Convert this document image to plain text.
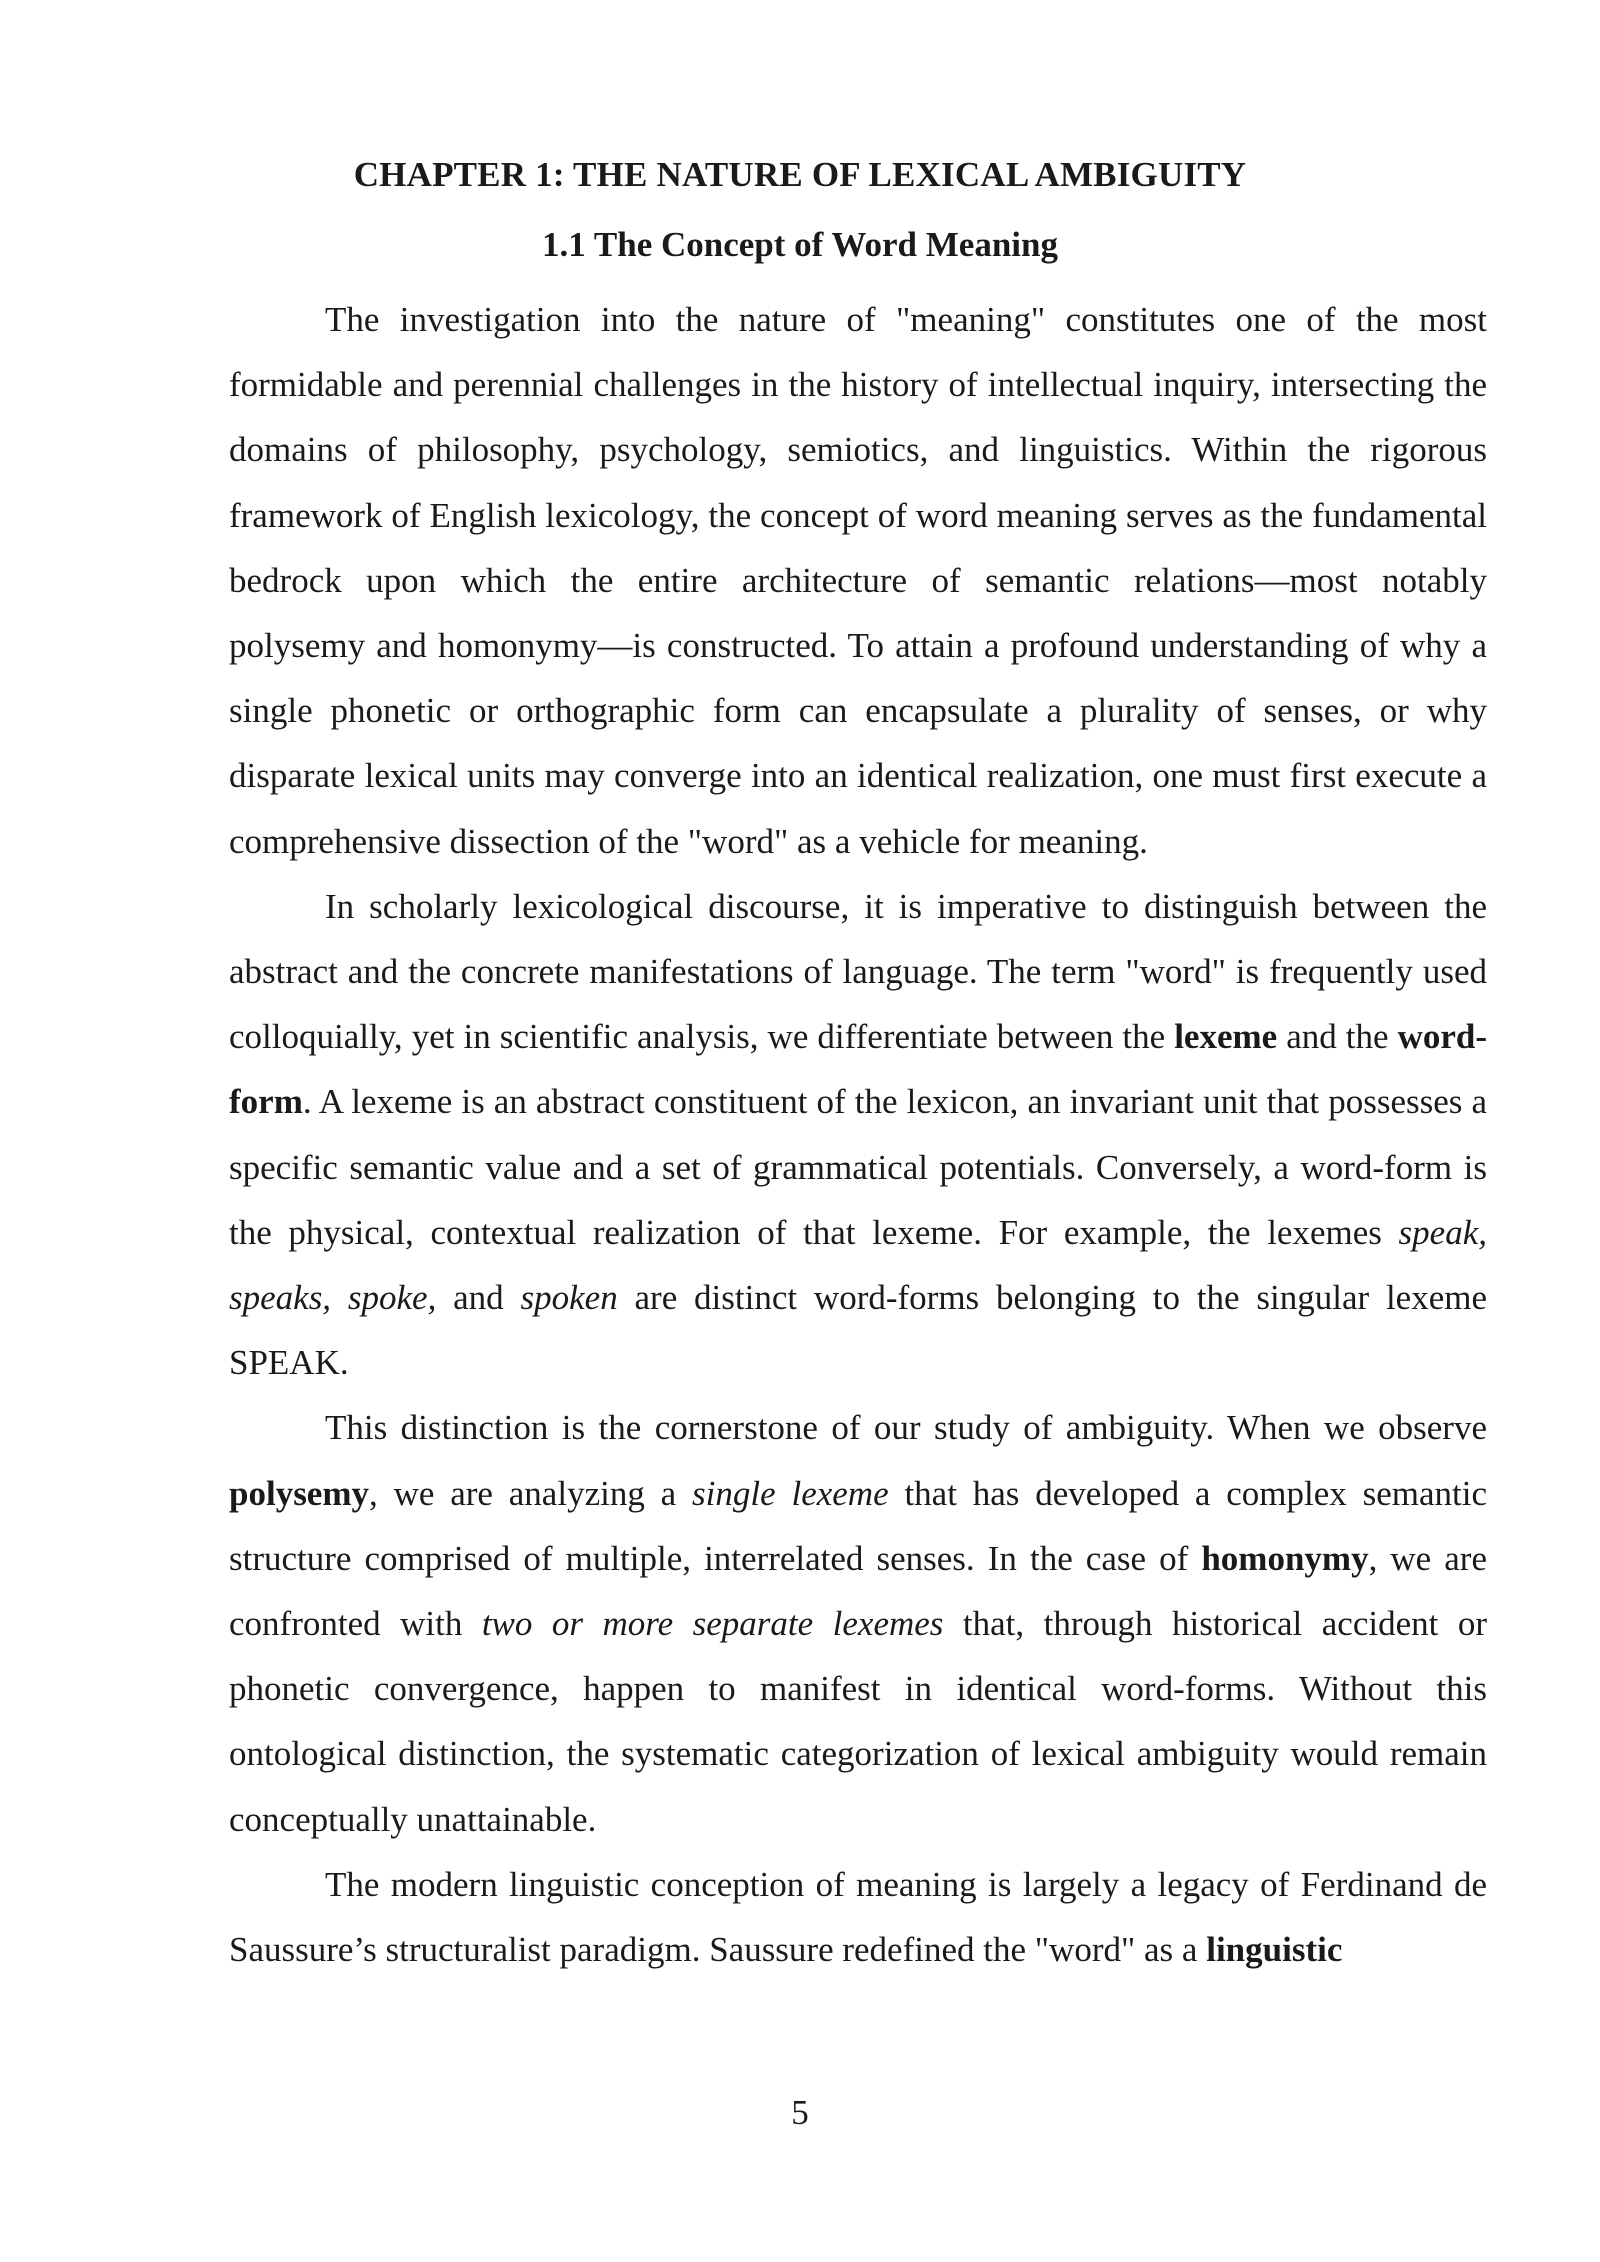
CHAPTER 1: THE NATURE OF LEXICAL AMBIGUITY
1.1 The Concept of Word Meaning

The investigation into the nature of "meaning" constitutes one of the most formidable and perennial challenges in the history of intellectual inquiry, intersecting the domains of philosophy, psychology, semiotics, and linguistics. Within the rigorous framework of English lexicology, the concept of word meaning serves as the fundamental bedrock upon which the entire architecture of semantic relations—most notably polysemy and homonymy—is constructed. To attain a profound understanding of why a single phonetic or orthographic form can encapsulate a plurality of senses, or why disparate lexical units may converge into an identical realization, one must first execute a comprehensive dissection of the "word" as a vehicle for meaning.

In scholarly lexicological discourse, it is imperative to distinguish between the abstract and the concrete manifestations of language. The term "word" is frequently used colloquially, yet in scientific analysis, we differentiate between the lexeme and the word-form. A lexeme is an abstract constituent of the lexicon, an invariant unit that possesses a specific semantic value and a set of grammatical potentials. Conversely, a word-form is the physical, contextual realization of that lexeme. For example, the lexemes speak, speaks, spoke, and spoken are distinct word-forms belonging to the singular lexeme SPEAK.

This distinction is the cornerstone of our study of ambiguity. When we observe polysemy, we are analyzing a single lexeme that has developed a complex semantic structure comprised of multiple, interrelated senses. In the case of homonymy, we are confronted with two or more separate lexemes that, through historical accident or phonetic convergence, happen to manifest in identical word-forms. Without this ontological distinction, the systematic categorization of lexical ambiguity would remain conceptually unattainable.

The modern linguistic conception of meaning is largely a legacy of Ferdinand de Saussure’s structuralist paradigm. Saussure redefined the "word" as a linguistic

5
